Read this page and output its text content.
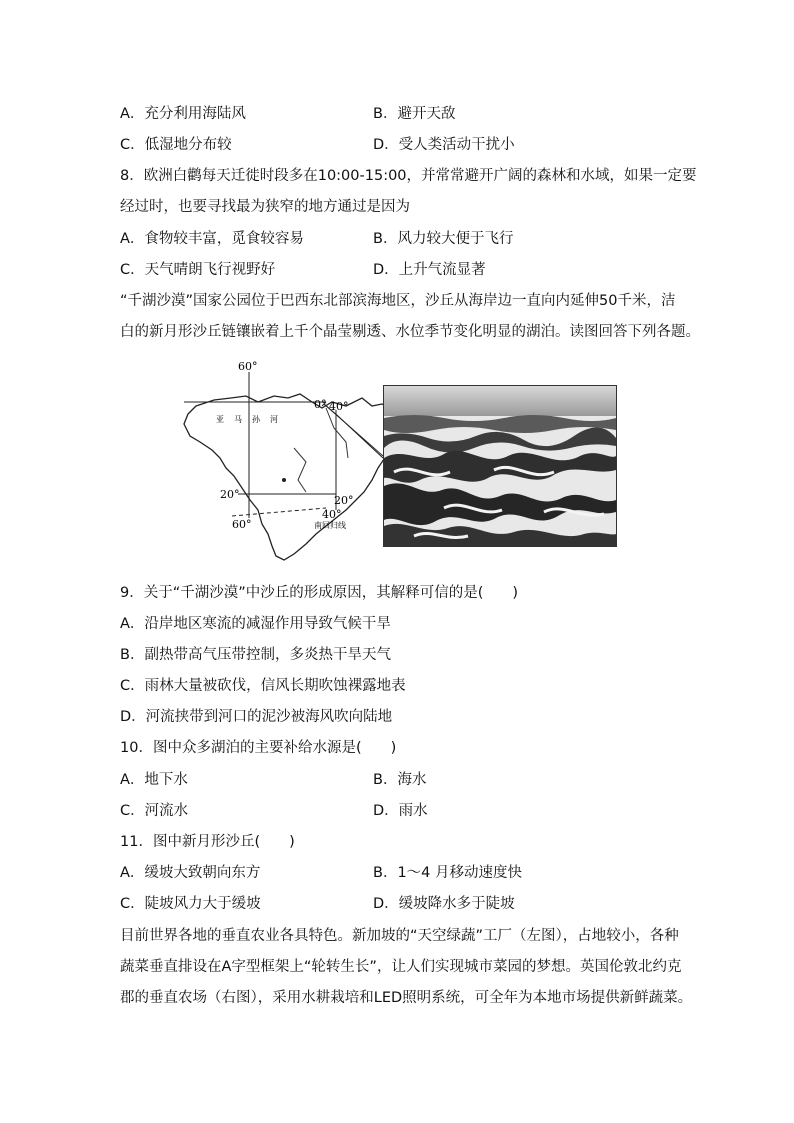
A．充分利用海陆风	B．避开天敌
C．低湿地分布较	D．受人类活动干扰小
8．欧洲白鹳每天迁徙时段多在10:00-15:00，并常常避开广阔的森林和水域，如果一定要
经过时，也要寻找最为狭窄的地方通过是因为
A．食物较丰富，觅食较容易	B．风力较大便于飞行
C．天气晴朗飞行视野好	D．上升气流显著
“千湖沙漠”国家公园位于巴西东北部滨海地区，沙丘从海岸边一直向内延伸50千米，洁
白的新月形沙丘链镶嵌着上千个晶莹剔透、水位季节变化明显的湖泊。读图回答下列各题。
60°
0° 40°
20°	20°
60°
40°
南回归线
亚 马 孙 河
9．关于“千湖沙漠”中沙丘的形成原因，其解释可信的是(　　)
A．沿岸地区寒流的减湿作用导致气候干旱
B．副热带高气压带控制，多炎热干旱天气
C．雨林大量被砍伐，信风长期吹蚀裸露地表
D．河流挟带到河口的泥沙被海风吹向陆地
10．图中众多湖泊的主要补给水源是(　　)
A．地下水	B．海水
C．河流水	D．雨水
11．图中新月形沙丘(　　)
A．缓坡大致朝向东方	B．1～4 月移动速度快
C．陡坡风力大于缓坡	D．缓坡降水多于陡坡
目前世界各地的垂直农业各具特色。新加坡的“天空绿蔬”工厂（左图），占地较小，各种
蔬菜垂直排设在A字型框架上“轮转生长”，让人们实现城市菜园的梦想。英国伦敦北约克
郡的垂直农场（右图），采用水耕栽培和LED照明系统，可全年为本地市场提供新鲜蔬菜。
